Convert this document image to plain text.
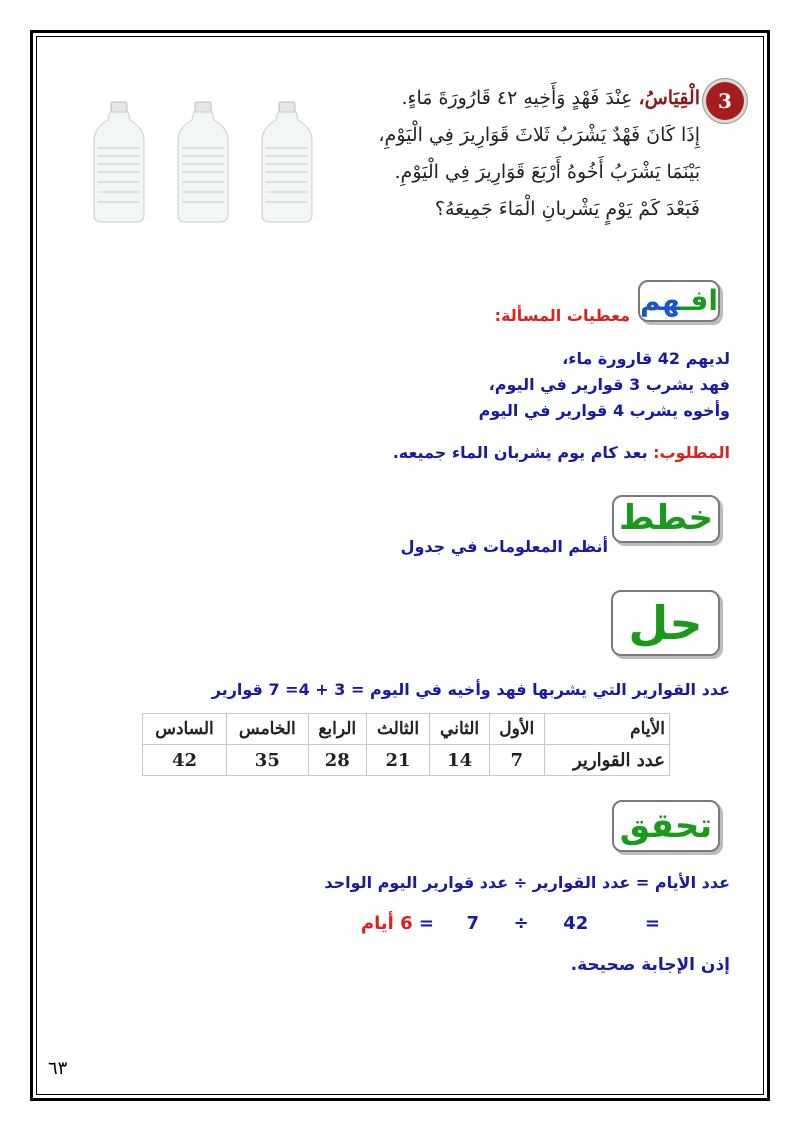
3
الْقِيَاسُ، عِنْدَ فَهْدٍ وَأَخِيهِ ٤٢ قَارُورَةَ مَاءٍ.
إِذَا كَانَ فَهْدٌ يَشْرَبُ ثَلاثَ قَوَارِيرَ فِي الْيَوْمِ،
بَيْنَمَا يَشْرَبُ أَخُوهُ أَرْبَعَ قَوَارِيرَ فِي الْيَوْمِ.
فَبَعْدَ كَمْ يَوْمٍ يَشْربانِ الْمَاءَ جَمِيعَهُ؟
افـهم
معطيات المسألة:
لديهم 42 قارورة ماء،
فهد يشرب 3 قوارير في اليوم،
وأخوه يشرب 4 قوارير في اليوم
المطلوب: بعد كام يوم يشربان الماء جميعه.
خطط
أنظم المعلومات في جدول
حل
عدد القوارير التي يشربها فهد وأخيه في اليوم = 3 + 4= 7 قوارير
الأيام	الأول	الثاني	الثالث	الرابع	الخامس	السادس
عدد القوارير	7	14	21	28	35	42
تحقق
عدد الأيام = عدد القوارير ÷ عدد قوارير اليوم الواحد
=  42  ÷  7  = 6 أيام
إذن الإجابة صحيحة.
٦٣
